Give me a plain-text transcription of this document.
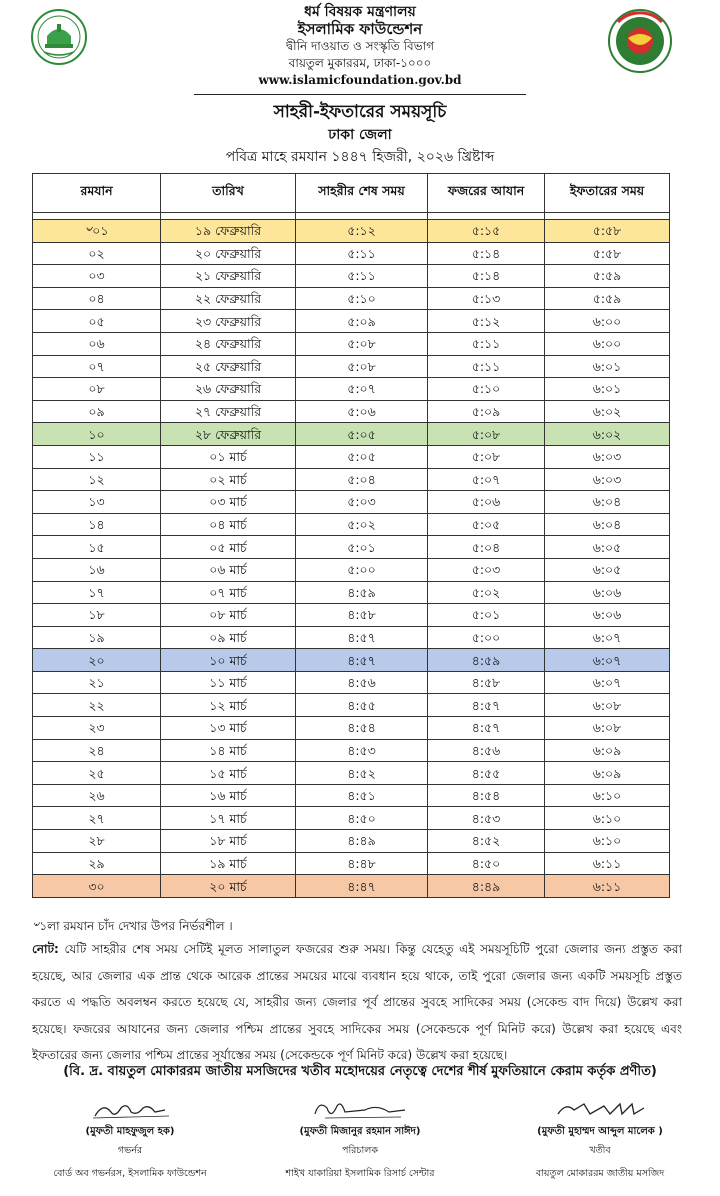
ধর্ম বিষয়ক মন্ত্রণালয়
ইসলামিক ফাউন্ডেশন
দ্বীনি দাওয়াত ও সংস্কৃতি বিভাগ
বায়তুল মুকাররম, ঢাকা-১০০০
www.islamicfoundation.gov.bd
সাহরী-ইফতারের সময়সূচি
ঢাকা জেলা
পবিত্র মাহে রমযান ১৪৪৭ হিজরী, ২০২৬ খ্রিষ্টাব্দ
রমযান	তারিখ	সাহরীর শেষ সময়	ফজরের আযান	ইফতারের সময়

৺০১	১৯ ফেব্রুয়ারি	৫:১২	৫:১৫	৫:৫৮
০২	২০ ফেব্রুয়ারি	৫:১১	৫:১৪	৫:৫৮
০৩	২১ ফেব্রুয়ারি	৫:১১	৫:১৪	৫:৫৯
০৪	২২ ফেব্রুয়ারি	৫:১০	৫:১৩	৫:৫৯
০৫	২৩ ফেব্রুয়ারি	৫:০৯	৫:১২	৬:০০
০৬	২৪ ফেব্রুয়ারি	৫:০৮	৫:১১	৬:০০
০৭	২৫ ফেব্রুয়ারি	৫:০৮	৫:১১	৬:০১
০৮	২৬ ফেব্রুয়ারি	৫:০৭	৫:১০	৬:০১
০৯	২৭ ফেব্রুয়ারি	৫:০৬	৫:০৯	৬:০২
১০	২৮ ফেব্রুয়ারি	৫:০৫	৫:০৮	৬:০২
১১	০১ মার্চ	৫:০৫	৫:০৮	৬:০৩
১২	০২ মার্চ	৫:০৪	৫:০৭	৬:০৩
১৩	০৩ মার্চ	৫:০৩	৫:০৬	৬:০৪
১৪	০৪ মার্চ	৫:০২	৫:০৫	৬:০৪
১৫	০৫ মার্চ	৫:০১	৫:০৪	৬:০৫
১৬	০৬ মার্চ	৫:০০	৫:০৩	৬:০৫
১৭	০৭ মার্চ	৪:৫৯	৫:০২	৬:০৬
১৮	০৮ মার্চ	৪:৫৮	৫:০১	৬:০৬
১৯	০৯ মার্চ	৪:৫৭	৫:০০	৬:০৭
২০	১০ মার্চ	৪:৫৭	৪:৫৯	৬:০৭
২১	১১ মার্চ	৪:৫৬	৪:৫৮	৬:০৭
২২	১২ মার্চ	৪:৫৫	৪:৫৭	৬:০৮
২৩	১৩ মার্চ	৪:৫৪	৪:৫৭	৬:০৮
২৪	১৪ মার্চ	৪:৫৩	৪:৫৬	৬:০৯
২৫	১৫ মার্চ	৪:৫২	৪:৫৫	৬:০৯
২৬	১৬ মার্চ	৪:৫১	৪:৫৪	৬:১০
২৭	১৭ মার্চ	৪:৫০	৪:৫৩	৬:১০
২৮	১৮ মার্চ	৪:৪৯	৪:৫২	৬:১০
২৯	১৯ মার্চ	৪:৪৮	৪:৫০	৬:১১
৩০	২০ মার্চ	৪:৪৭	৪:৪৯	৬:১১
৺১লা রমযান চাঁদ দেখার উপর নির্ভরশীল ।
নোট: যেটি সাহরীর শেষ সময় সেটিই মূলত সালাতুল ফজরের শুরু সময়। কিন্তু যেহেতু এই সময়সূচিটি পুরো জেলার জন্য প্রস্তুত করা হয়েছে, আর জেলার এক প্রান্ত থেকে আরেক প্রান্তের সময়ের মাঝে ব্যবধান হয়ে থাকে, তাই পুরো জেলার জন্য একটি সময়সূচি প্রস্তুত করতে এ পদ্ধতি অবলম্বন করতে হয়েছে যে, সাহরীর জন্য জেলার পূর্ব প্রান্তের সুবহে সাদিকের সময় (সেকেন্ড বাদ দিয়ে) উল্লেখ করা হয়েছে। ফজরের আযানের জন্য জেলার পশ্চিম প্রান্তের সুবহে সাদিকের সময় (সেকেন্ডকে পূর্ণ মিনিট করে) উল্লেখ করা হয়েছে এবং ইফতারের জন্য জেলার পশ্চিম প্রান্তের সূর্যাস্তের সময় (সেকেন্ডকে পূর্ণ মিনিট করে) উল্লেখ করা হয়েছে।
(বি. দ্র. বায়তুল মোকাররম জাতীয় মসজিদের খতীব মহোদয়ের নেতৃত্বে দেশের শীর্ষ মুফতিয়ানে কেরাম কর্তৃক প্রণীত)
(মুফতী মাহফুজুল হক)
গভর্নর
বোর্ড অব গভর্নরস, ইসলামিক ফাউন্ডেশন
(মুফতী মিজানুর রহমান সাঈদ)
পরিচালক
শাইখ যাকারিয়া ইসলামিক রিসার্চ সেন্টার
(মুফতী মুহাম্মদ আব্দুল মালেক )
খতীব
বায়তুল মোকাররম জাতীয় মসজিদ
